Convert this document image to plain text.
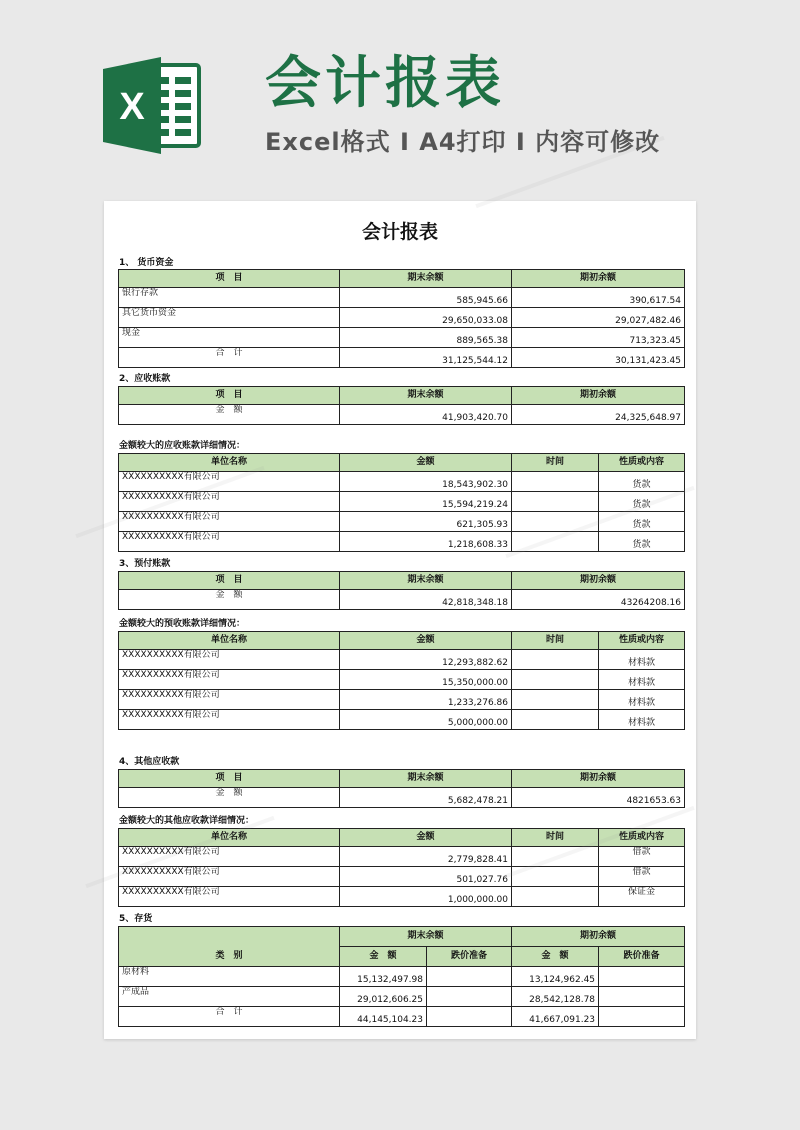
X 会计报表
Excel格式 I A4打印 I 内容可修改
会计报表
1、 货币资金
项　目	期末余额	期初余额
银行存款	585,945.66	390,617.54
其它货币资金	29,650,033.08	29,027,482.46
现金	889,565.38	713,323.45
合　计	31,125,544.12	30,131,423.45
2、应收账款
项　目	期末余额	期初余额
金　额	41,903,420.70	24,325,648.97
金额较大的应收账款详细情况：
单位名称	金额	时间	性质或内容
XXXXXXXXXX有限公司	18,543,902.30		货款
XXXXXXXXXX有限公司	15,594,219.24		货款
XXXXXXXXXX有限公司	621,305.93		货款
XXXXXXXXXX有限公司	1,218,608.33		货款
3、预付账款
项　目	期末余额	期初余额
金　额	42,818,348.18	43264208.16
金额较大的预收账款详细情况：
单位名称	金额	时间	性质或内容
XXXXXXXXXX有限公司	12,293,882.62		材料款
XXXXXXXXXX有限公司	15,350,000.00		材料款
XXXXXXXXXX有限公司	1,233,276.86		材料款
XXXXXXXXXX有限公司	5,000,000.00		材料款
4、其他应收款
项　目	期末余额	期初余额
金　额	5,682,478.21	4821653.63
金额较大的其他应收款详细情况：
单位名称	金额	时间	性质或内容
XXXXXXXXXX有限公司	2,779,828.41		借款
XXXXXXXXXX有限公司	501,027.76		借款
XXXXXXXXXX有限公司	1,000,000.00		保证金
5、存货
类　别	期末余额		期初余额	
	金　额	跌价准备	金　额	跌价准备
原材料	15,132,497.98		13,124,962.45	
产成品	29,012,606.25		28,542,128.78	
合　计	44,145,104.23		41,667,091.23	
